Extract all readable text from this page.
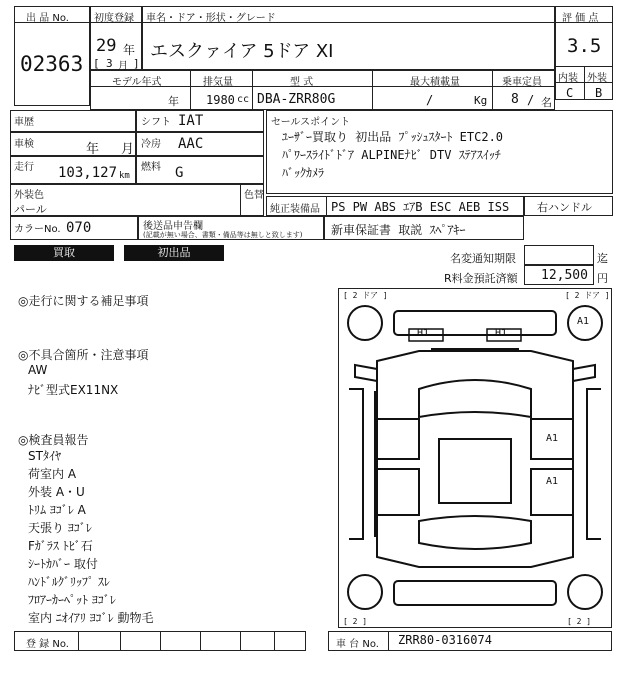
出 品 No.
02363
初度登録
29 年
[ 3 月 ]
車名・ドア・形状・グレード
エスクァイア 5ドア XI
評 価 点
3.5
内装 外装
C B
モデル年式
年
排気量
1980 cc
型 式
DBA-ZRR80G
最大積載量
/	Kg
乗車定員
8 / 名
車歴
車検	年 月
走行 103,127 km
シフト IAT
冷房 AAC
燃料 G
外装色
パール
色替
カラーNo. 070	後送品申告欄
(記載が無い場合、書類・備品等は無しと致します)
セールスポイント
ﾕｰｻﾞｰ買取り 初出品 ﾌﾟｯｼｭｽﾀｰﾄ ETC2.0
ﾊﾟﾜｰｽﾗｲﾄﾞﾄﾞｱ ALPINEﾅﾋﾞ DTV ｽﾃｱｽｲｯﾁ
ﾊﾞｯｸｶﾒﾗ
純正装備品 PS PW ABS ｴｱB ESC AEB ISS	右ハンドル
新車保証書 取説 ｽﾍﾟｱｷｰ
買取	初出品	名変通知期限	迄
R料金預託済額 12,500 円
◎走行に関する補足事項
◎不具合箇所・注意事項
AW
ﾅﾋﾞ型式EX11NX
◎検査員報告
STﾀｲﾔ
荷室内 A
外装 A・U
ﾄﾘﾑ ﾖｺﾞﾚ A
天張り ﾖｺﾞﾚ
Fｶﾞﾗｽ ﾄﾋﾞ石
ｼｰﾄｶﾊﾞｰ 取付
ﾊﾝﾄﾞﾙｸﾞﾘｯﾌﾟ ｽﾚ
ﾌﾛｱｰｶｰﾍﾟｯﾄ ﾖｺﾞﾚ
室内 ﾆｵｲｱﾘ ﾖｺﾞﾚ 動物毛
[ 2 ドア ]	[ 2 ドア ]
[ 2 ]	[ 2 ]
H1	H1
A1
A1
A1
登 録 No.	車 台 No. ZRR80-0316074
